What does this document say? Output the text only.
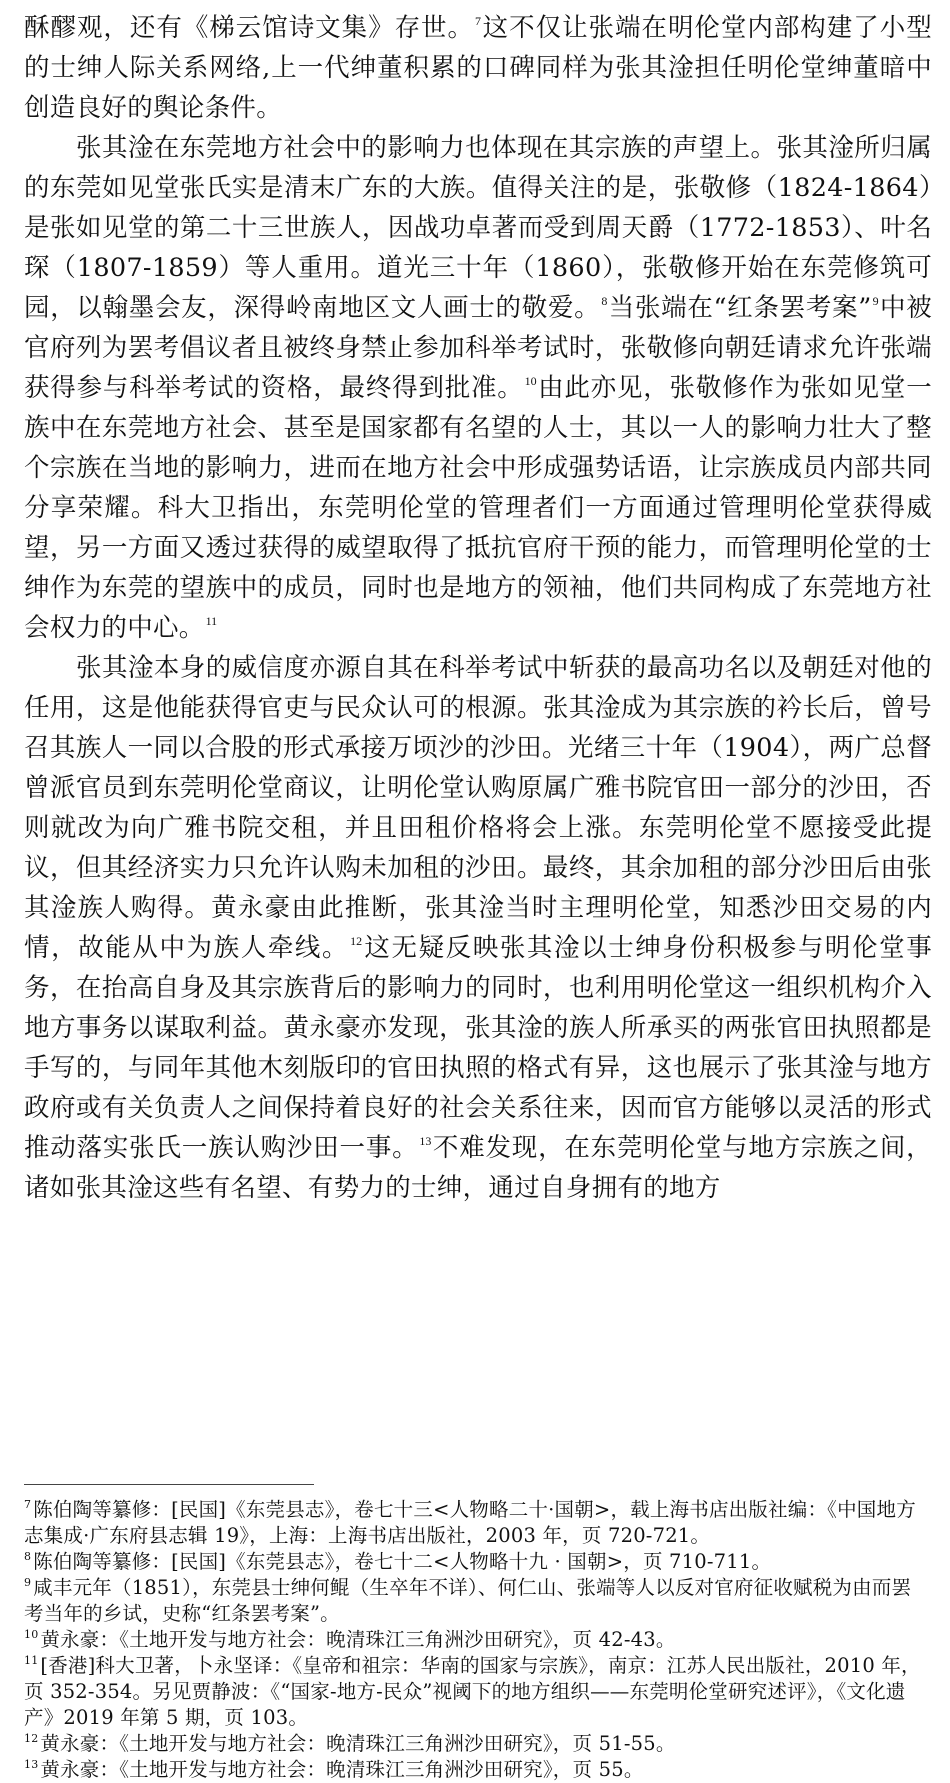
酥醪观，还有《梯云馆诗文集》存世。$^7$这不仅让张端在明伦堂内部构建了小型的士绅人际关系网络,上一代绅董积累的口碑同样为张其淦担任明伦堂绅董暗中创造良好的舆论条件。

张其淦在东莞地方社会中的影响力也体现在其宗族的声望上。张其淦所归属的东莞如见堂张氏实是清末广东的大族。值得关注的是，张敬修（1824-1864）是张如见堂的第二十三世族人，因战功卓著而受到周天爵（1772-1853）、叶名琛（1807-1859）等人重用。道光三十年（1860），张敬修开始在东莞修筑可园，以翰墨会友，深得岭南地区文人画士的敬爱。$^8$当张端在“红条罢考案”$^9$中被官府列为罢考倡议者且被终身禁止参加科举考试时，张敬修向朝廷请求允许张端获得参与科举考试的资格，最终得到批准。$^{10}$由此亦见，张敬修作为张如见堂一族中在东莞地方社会、甚至是国家都有名望的人士，其以一人的影响力壮大了整个宗族在当地的影响力，进而在地方社会中形成强势话语，让宗族成员内部共同分享荣耀。科大卫指出，东莞明伦堂的管理者们一方面通过管理明伦堂获得威望，另一方面又透过获得的威望取得了抵抗官府干预的能力，而管理明伦堂的士绅作为东莞的望族中的成员，同时也是地方的领袖，他们共同构成了东莞地方社会权力的中心。$^{11}$

张其淦本身的威信度亦源自其在科举考试中斩获的最高功名以及朝廷对他的任用，这是他能获得官吏与民众认可的根源。张其淦成为其宗族的衿长后，曾号召其族人一同以合股的形式承接万顷沙的沙田。光绪三十年（1904），两广总督曾派官员到东莞明伦堂商议，让明伦堂认购原属广雅书院官田一部分的沙田，否则就改为向广雅书院交租，并且田租价格将会上涨。东莞明伦堂不愿接受此提议，但其经济实力只允许认购未加租的沙田。最终，其余加租的部分沙田后由张其淦族人购得。黄永豪由此推断，张其淦当时主理明伦堂，知悉沙田交易的内情，故能从中为族人牵线。$^{12}$这无疑反映张其淦以士绅身份积极参与明伦堂事务，在抬高自身及其宗族背后的影响力的同时，也利用明伦堂这一组织机构介入地方事务以谋取利益。黄永豪亦发现，张其淦的族人所承买的两张官田执照都是手写的，与同年其他木刻版印的官田执照的格式有异，这也展示了张其淦与地方政府或有关负责人之间保持着良好的社会关系往来，因而官方能够以灵活的形式推动落实张氏一族认购沙田一事。$^{13}$不难发现，在东莞明伦堂与地方宗族之间，诸如张其淦这些有名望、有势力的士绅，通过自身拥有的地方

$^7$ 陈伯陶等纂修：[民国]《东莞县志》，卷七十三<人物略二十·国朝>，载上海书店出版社编：《中国地方志集成·广东府县志辑 19》，上海：上海书店出版社，2003 年，页 720-721。

$^8$ 陈伯陶等纂修：[民国]《东莞县志》，卷七十二<人物略十九 · 国朝>，页 710-711。

$^9$ 咸丰元年（1851），东莞县士绅何鲲（生卒年不详）、何仁山、张端等人以反对官府征收赋税为由而罢考当年的乡试，史称“红条罢考案”。

$^{10}$ 黄永豪：《土地开发与地方社会：晚清珠江三角洲沙田研究》，页 42-43。

$^{11}$ [香港]科大卫著，卜永坚译：《皇帝和祖宗：华南的国家与宗族》，南京：江苏人民出版社，2010 年，页 352-354。另见贾静波：《“国家-地方-民众”视阈下的地方组织——东莞明伦堂研究述评》，《文化遗产》2019 年第 5 期，页 103。

$^{12}$ 黄永豪：《土地开发与地方社会：晚清珠江三角洲沙田研究》，页 51-55。

$^{13}$ 黄永豪：《土地开发与地方社会：晚清珠江三角洲沙田研究》，页 55。
